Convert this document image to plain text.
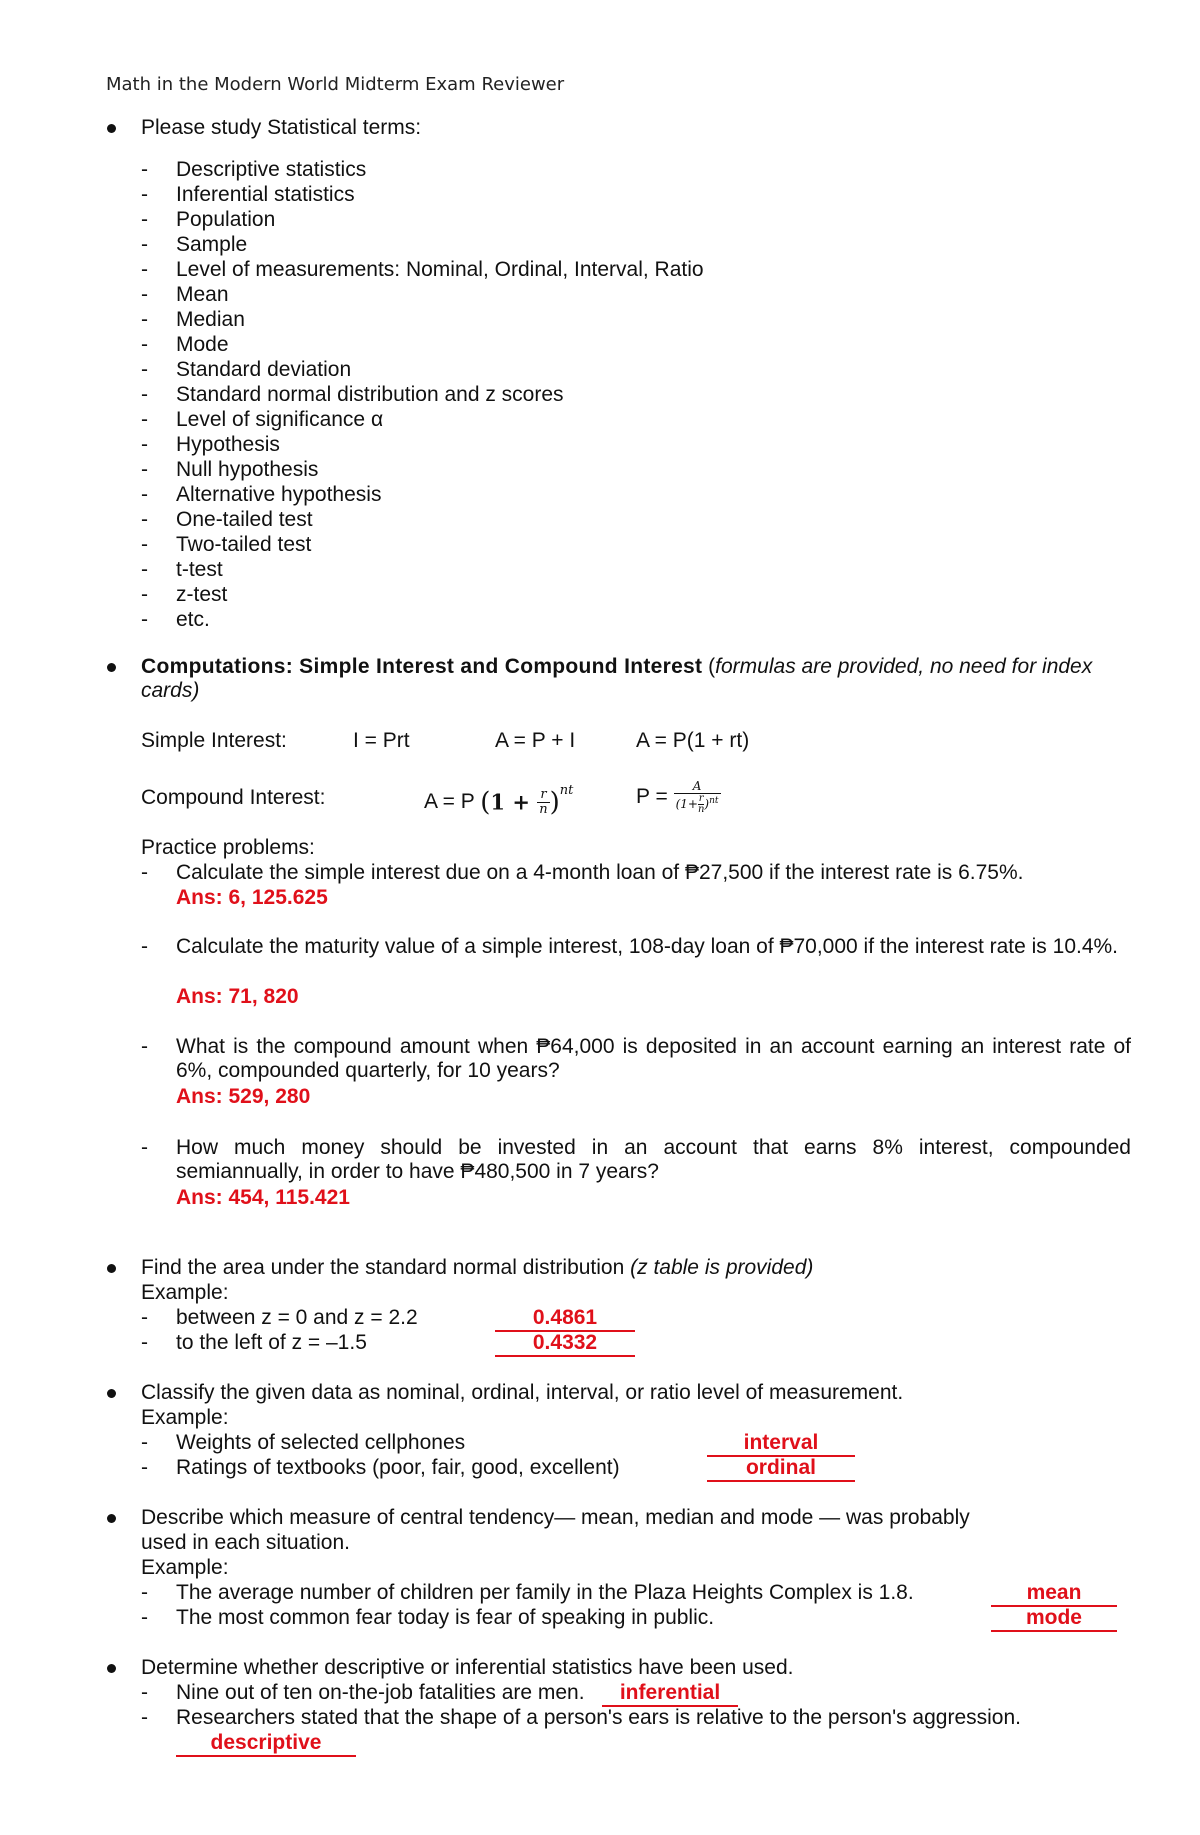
Math in the Modern World Midterm Exam Reviewer
Please study Statistical terms:
- Descriptive statistics
- Inferential statistics
- Population
- Sample
- Level of measurements: Nominal, Ordinal, Interval, Ratio
- Mean
- Median
- Mode
- Standard deviation
- Standard normal distribution and z scores
- Level of significance α
- Hypothesis
- Null hypothesis
- Alternative hypothesis
- One-tailed test
- Two-tailed test
- t-test
- z-test
- etc.
Computations: Simple Interest and Compound Interest (formulas are provided, no need for index
cards)
Simple Interest:	I = Prt	A = P + I	A = P(1 + rt)
Compound Interest:	A = P $(1 + \frac{r}{n} )^{nt}$	$P = \frac{A}{(1+ \frac{r}{n} )^{nt}}$
Practice problems:
- Calculate the simple interest due on a 4-month loan of ₱27,500 if the interest rate is 6.75%.
Ans: 6, 125.625
- Calculate the maturity value of a simple interest, 108-day loan of ₱70,000 if the interest rate is 10.4%.
Ans: 71, 820
- What is the compound amount when ₱64,000 is deposited in an account earning an interest rate of 6%, compounded quarterly, for 10 years?
Ans: 529, 280
- How much money should be invested in an account that earns 8% interest, compounded semiannually, in order to have ₱480,500 in 7 years?
Ans: 454, 115.421
Find the area under the standard normal distribution (z table is provided)
Example:
- between z = 0 and z = 2.2	0.4861
- to the left of z = –1.5	0.4332
Classify the given data as nominal, ordinal, interval, or ratio level of measurement.
Example:
- Weights of selected cellphones	interval
- Ratings of textbooks (poor, fair, good, excellent)	ordinal
Describe which measure of central tendency— mean, median and mode — was probably
used in each situation.
Example:
- The average number of children per family in the Plaza Heights Complex is 1.8.	mean
- The most common fear today is fear of speaking in public.	mode
Determine whether descriptive or inferential statistics have been used.
- Nine out of ten on-the-job fatalities are men.	inferential
- Researchers stated that the shape of a person's ears is relative to the person's aggression.
descriptive
